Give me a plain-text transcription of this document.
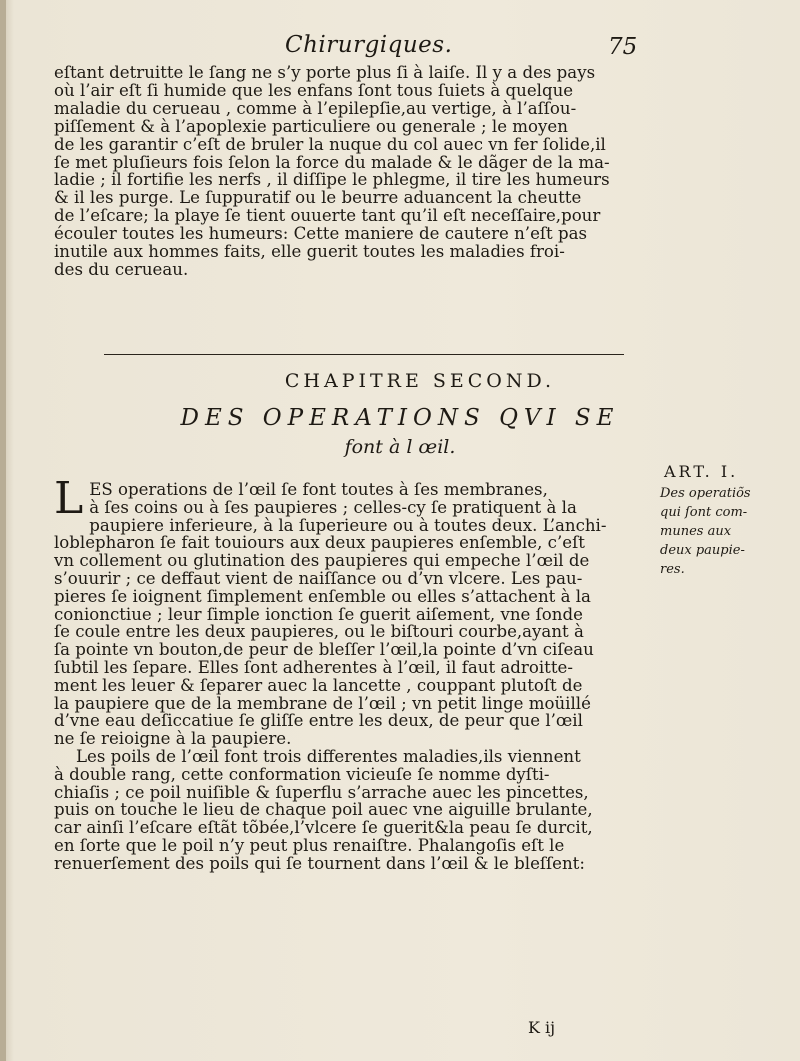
Chirurgiques.	75
eſtant detruitte le ſang ne s’y porte plus ſi à laiſe. Il y a des pays
où l’air eſt ſi humide que les enfans ſont tous ſuiets à quelque
maladie du cerueau , comme à l’epilepſie,au vertige, à l’aſſou-
piſſement & à l’apoplexie particuliere ou generale ; le moyen
de les garantir c’eſt de bruler la nuque du col auec vn fer ſolide,il
ſe met pluſieurs fois ſelon la force du malade & le dãger de la ma-
ladie ; il fortifie les nerfs , il diſſipe le phlegme, il tire les humeurs
& il les purge. Le ſuppuratif ou le beurre aduancent la cheutte
de l’eſcare; la playe ſe tient ouuerte tant qu’il eſt neceſſaire,pour
écouler toutes les humeurs: Cette maniere de cautere n’eſt pas
inutile aux hommes faits, elle guerit toutes les maladies froi-
des du cerueau.
CHAPITRE SECOND.
DES OPERATIONS QVI SE
font à l œil.
ART. I.
Des operatiõs
qui ſont com-
munes aux
deux paupie-
res.
L ES operations de l’œil ſe font toutes à ſes membranes,
à ſes coins ou à ſes paupieres ; celles-cy ſe pratiquent à la
paupiere inferieure, à la ſuperieure ou à toutes deux. L’anchi-
loblepharon ſe fait touiours aux deux paupieres enſemble, c’eſt
vn collement ou glutination des paupieres qui empeche l’œil de
s’ouurir ; ce deffaut vient de naiſſance ou d’vn vlcere. Les pau-
pieres ſe ioignent ſimplement enſemble ou elles s’attachent à la
conionctiue ; leur ſimple ionction ſe guerit aiſement, vne ſonde
ſe coule entre les deux paupieres, ou le biſtouri courbe,ayant à
ſa pointe vn bouton,de peur de bleſſer l’œil,la pointe d’vn ciſeau
ſubtil les ſepare. Elles ſont adherentes à l’œil, il faut adroitte-
ment les leuer & ſeparer auec la lancette , couppant plutoſt de
la paupiere que de la membrane de l’œil ; vn petit linge moüillé
d’vne eau deſiccatiue ſe gliſſe entre les deux, de peur que l’œil
ne ſe reioigne à la paupiere.
Les poils de l’œil font trois differentes maladies,ils viennent
à double rang, cette conformation vicieuſe ſe nomme dyſti-
chiaſis ; ce poil nuiſible & ſuperflu s’arrache auec les pincettes,
puis on touche le lieu de chaque poil auec vne aiguille brulante,
car ainſi l’eſcare eſtãt tõbée,l’vlcere ſe guerit&la peau ſe durcit,
en ſorte que le poil n’y peut plus renaiſtre. Phalangoſis eſt le
renuerſement des poils qui ſe tournent dans l’œil & le bleſſent:
K ij
